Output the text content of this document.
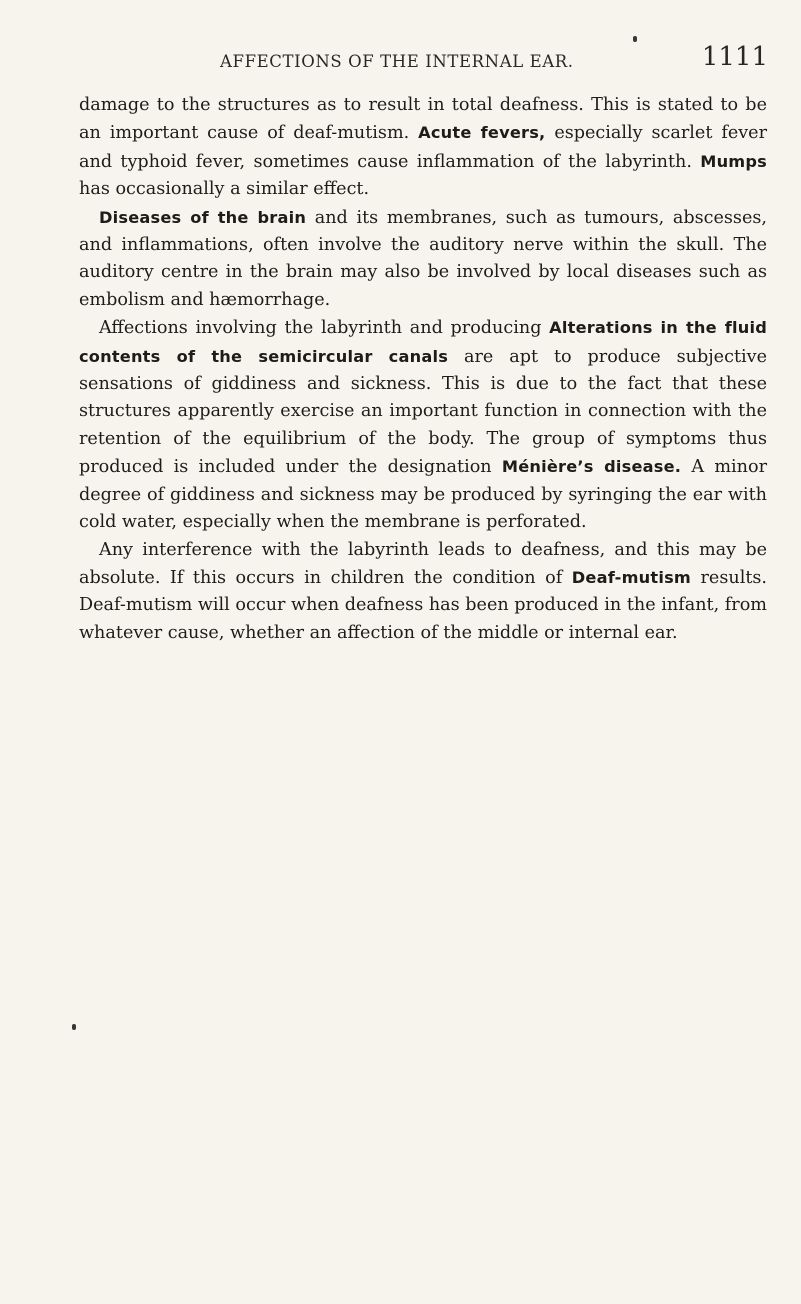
AFFECTIONS OF THE INTERNAL EAR.	1111

damage to the structures as to result in total deafness. This is stated to be an important cause of deaf-mutism. Acute fevers, especially scarlet fever and typhoid fever, sometimes cause inflammation of the labyrinth. Mumps has occasionally a similar effect.

Diseases of the brain and its membranes, such as tumours, abscesses, and inflammations, often involve the auditory nerve within the skull. The auditory centre in the brain may also be involved by local diseases such as embolism and hæmorrhage.

Affections involving the labyrinth and producing Alterations in the fluid contents of the semicircular canals are apt to produce subjective sensations of giddiness and sickness. This is due to the fact that these structures apparently exercise an important function in connection with the retention of the equilibrium of the body. The group of symptoms thus produced is included under the designation Ménière’s disease. A minor degree of giddiness and sickness may be produced by syringing the ear with cold water, especially when the membrane is perforated.

Any interference with the labyrinth leads to deafness, and this may be absolute. If this occurs in children the condition of Deaf-mutism results. Deaf-mutism will occur when deafness has been produced in the infant, from whatever cause, whether an affection of the middle or internal ear.
